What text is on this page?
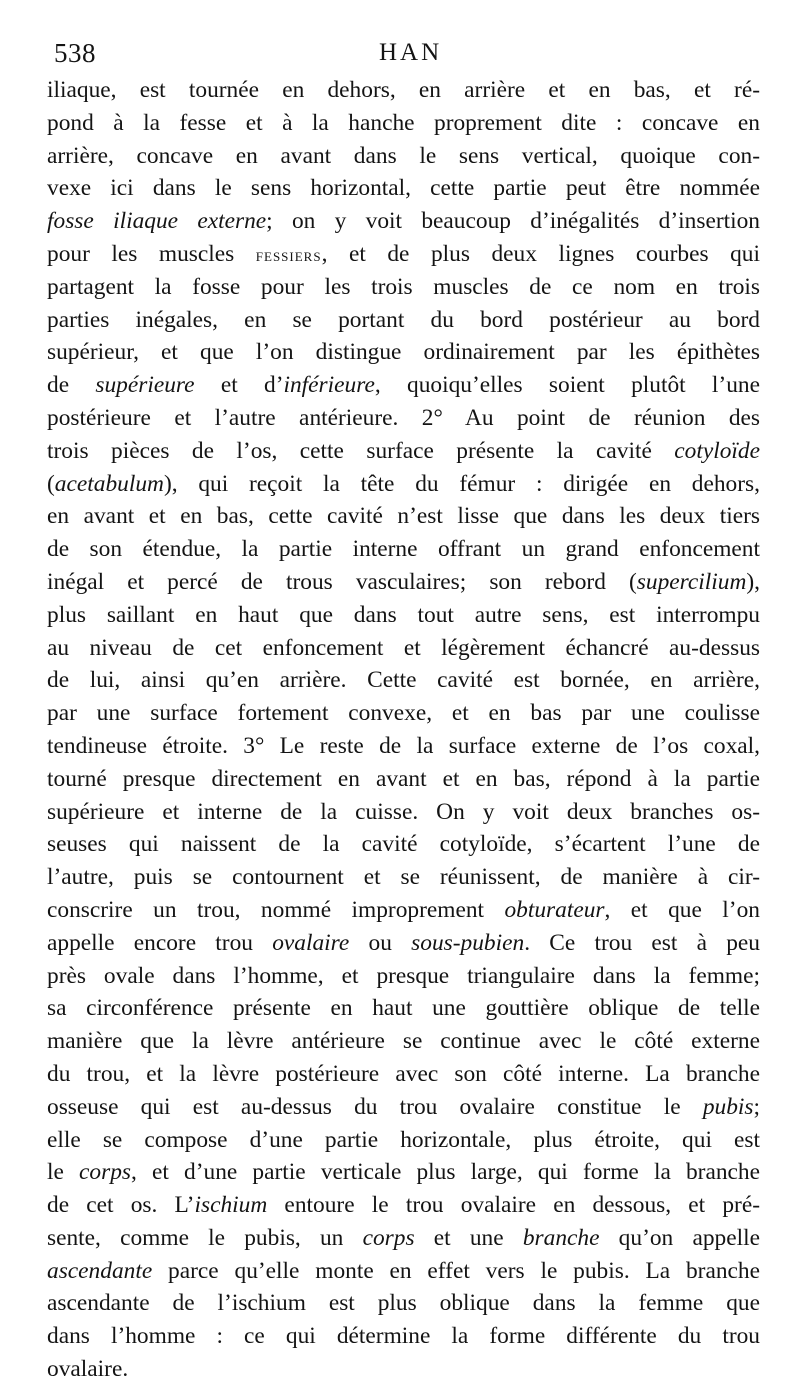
538	HAN
iliaque, est tournée en dehors, en arrière et en bas, et ré-
pond à la fesse et à la hanche proprement dite : concave en
arrière, concave en avant dans le sens vertical, quoique con-
vexe ici dans le sens horizontal, cette partie peut être nommée
fosse iliaque externe; on y voit beaucoup d’inégalités d’insertion
pour les muscles fessiers, et de plus deux lignes courbes qui
partagent la fosse pour les trois muscles de ce nom en trois
parties inégales, en se portant du bord postérieur au bord
supérieur, et que l’on distingue ordinairement par les épithètes
de supérieure et d’inférieure, quoiqu’elles soient plutôt l’une
postérieure et l’autre antérieure. 2° Au point de réunion des
trois pièces de l’os, cette surface présente la cavité cotyloïde
(acetabulum), qui reçoit la tête du fémur : dirigée en dehors,
en avant et en bas, cette cavité n’est lisse que dans les deux tiers
de son étendue, la partie interne offrant un grand enfoncement
inégal et percé de trous vasculaires; son rebord (supercilium),
plus saillant en haut que dans tout autre sens, est interrompu
au niveau de cet enfoncement et légèrement échancré au-dessus
de lui, ainsi qu’en arrière. Cette cavité est bornée, en arrière,
par une surface fortement convexe, et en bas par une coulisse
tendineuse étroite. 3° Le reste de la surface externe de l’os coxal,
tourné presque directement en avant et en bas, répond à la partie
supérieure et interne de la cuisse. On y voit deux branches os-
seuses qui naissent de la cavité cotyloïde, s’écartent l’une de
l’autre, puis se contournent et se réunissent, de manière à cir-
conscrire un trou, nommé improprement obturateur, et que l’on
appelle encore trou ovalaire ou sous-pubien. Ce trou est à peu
près ovale dans l’homme, et presque triangulaire dans la femme;
sa circonférence présente en haut une gouttière oblique de telle
manière que la lèvre antérieure se continue avec le côté externe
du trou, et la lèvre postérieure avec son côté interne. La branche
osseuse qui est au-dessus du trou ovalaire constitue le pubis;
elle se compose d’une partie horizontale, plus étroite, qui est
le corps, et d’une partie verticale plus large, qui forme la branche
de cet os. L’ischium entoure le trou ovalaire en dessous, et pré-
sente, comme le pubis, un corps et une branche qu’on appelle
ascendante parce qu’elle monte en effet vers le pubis. La branche
ascendante de l’ischium est plus oblique dans la femme que
dans l’homme : ce qui détermine la forme différente du trou
ovalaire.
